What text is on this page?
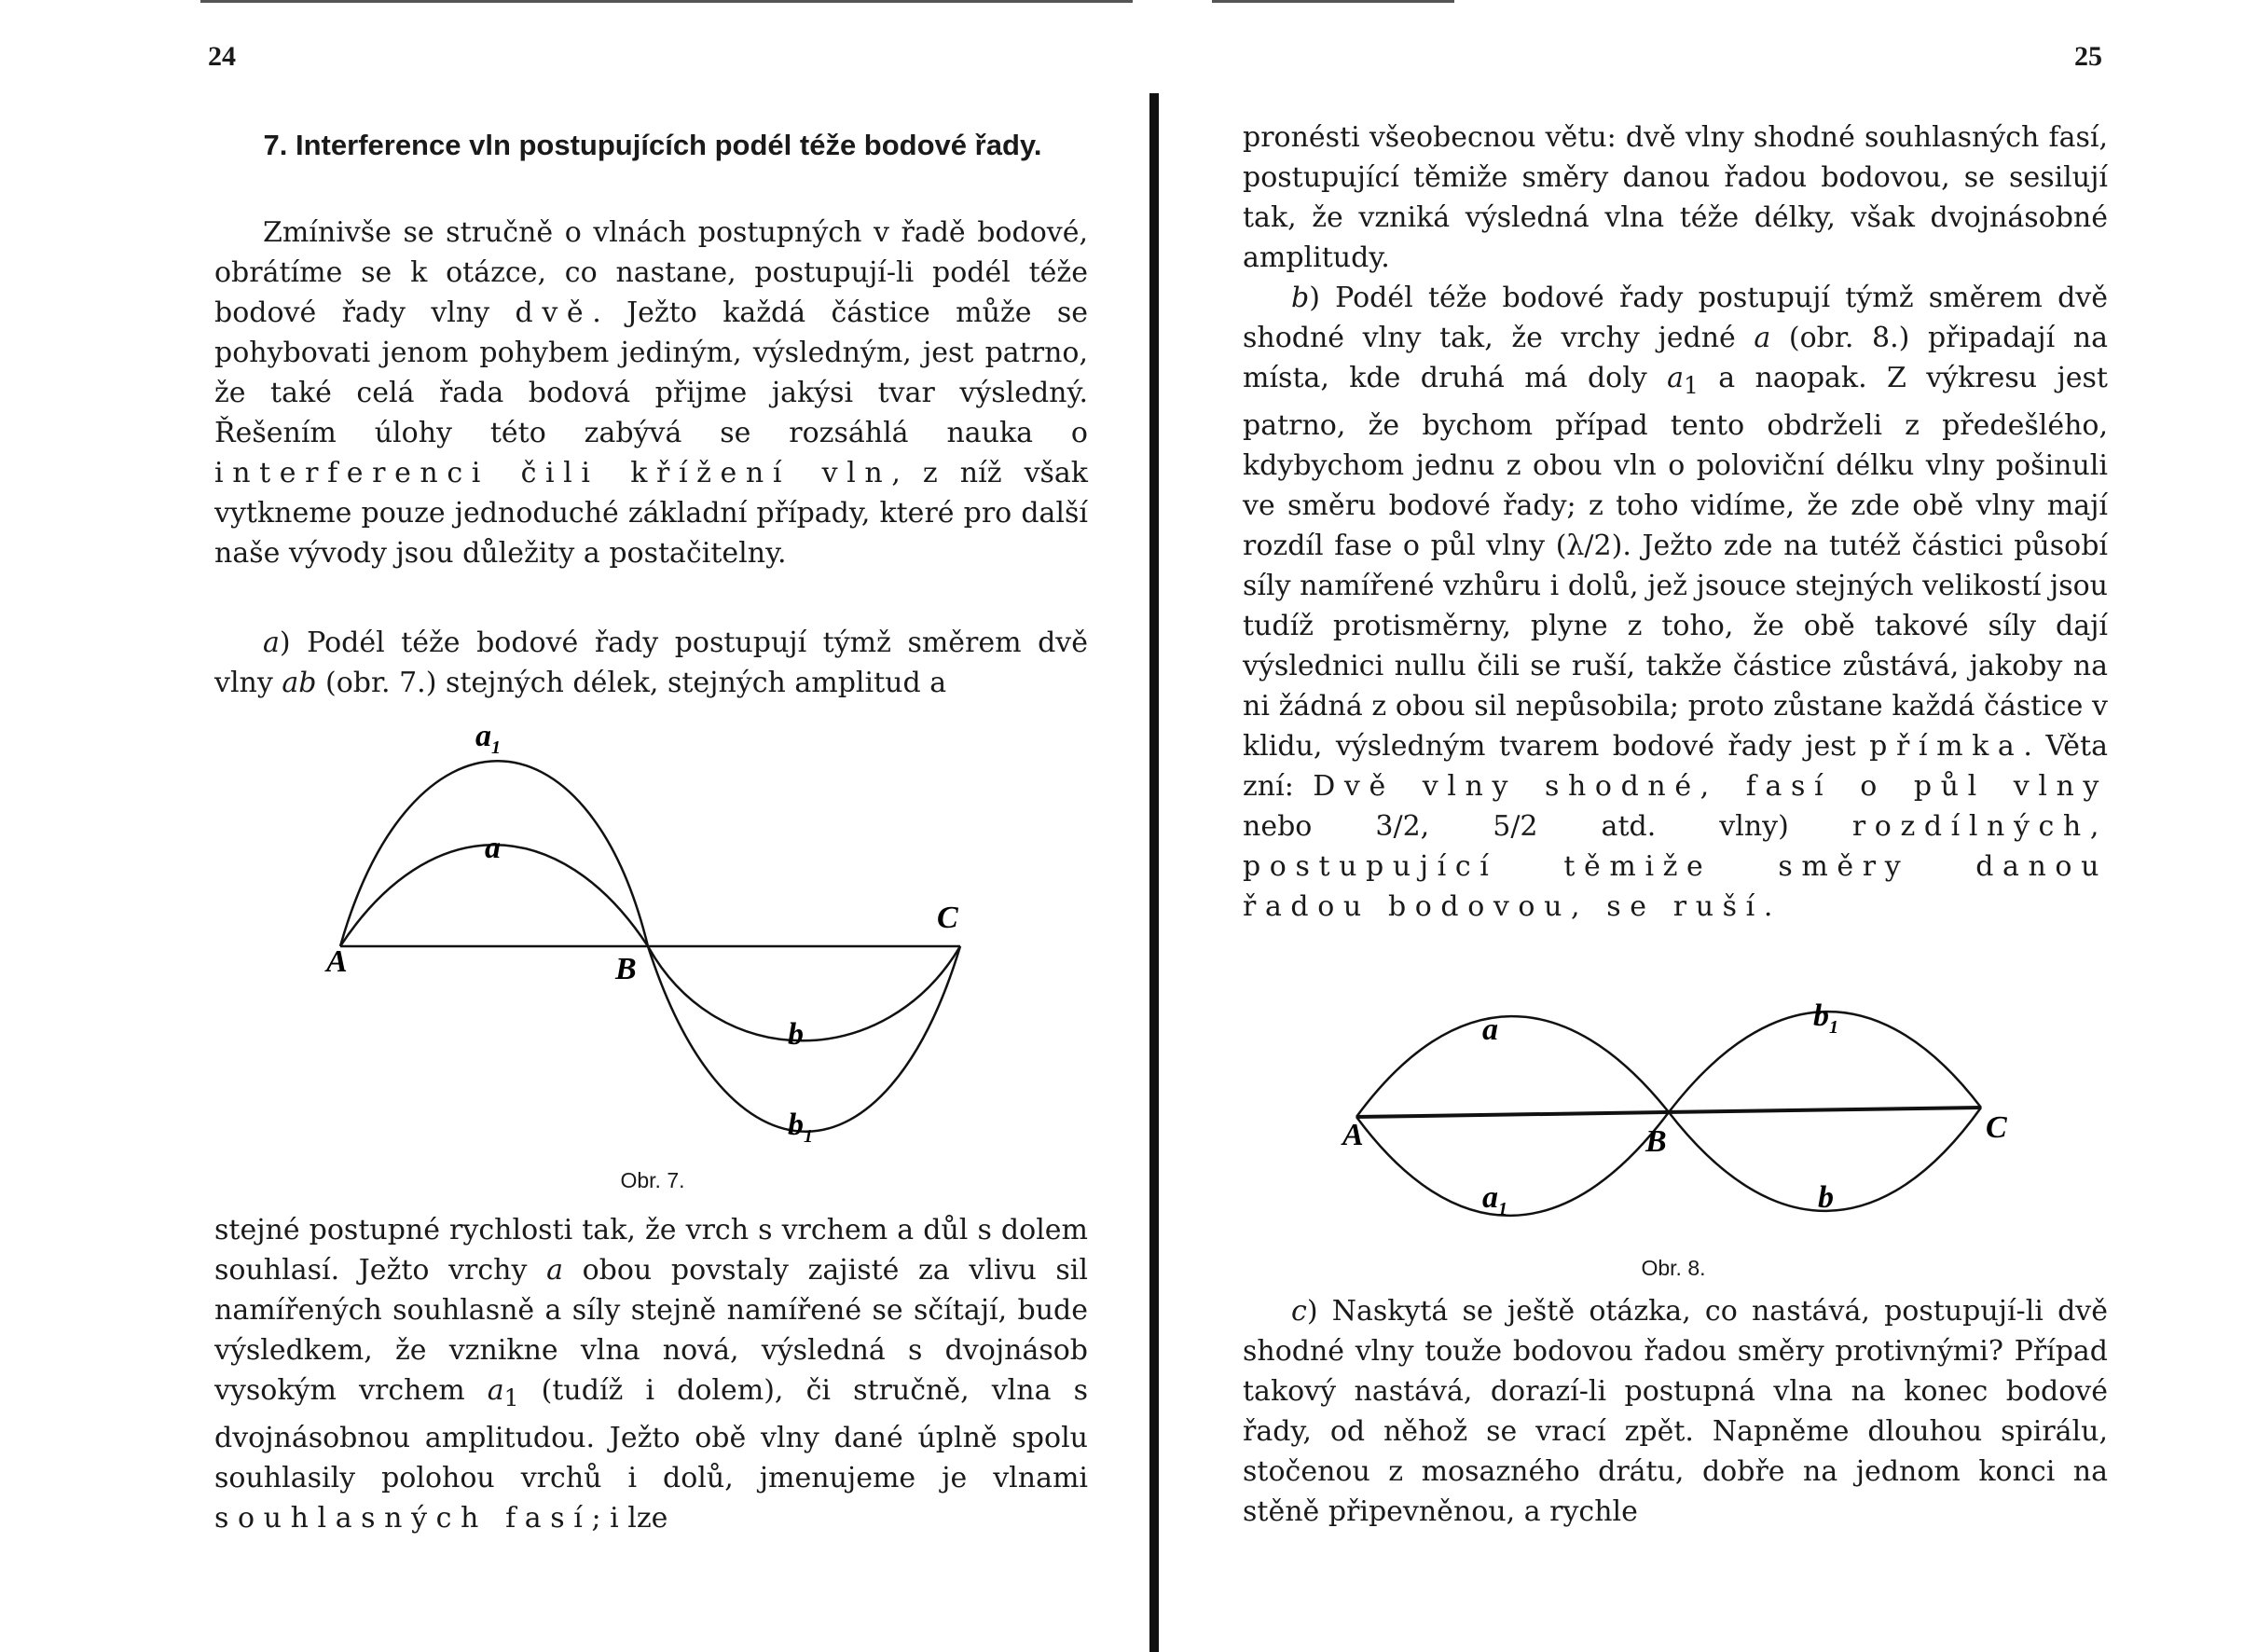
24
7. Interference vln postupujících podél téže bodové řady.

Zmínivše se stručně o vlnách postupných v řadě bodové, obrátíme se k otázce, co nastane, postupují-li podél téže bodové řady vlny dvě. Ježto každá částice může se pohybovati jenom pohybem jediným, výsledným, jest patrno, že také celá řada bodová přijme jakýsi tvar výsledný. Řešením úlohy této zabývá se rozsáhlá nauka o interferenci čili křížení vln, z níž však vytkneme pouze jednoduché základní případy, které pro další naše vývody jsou důležity a postačitelny.

a) Podél téže bodové řady postupují týmž směrem dvě vlny ab (obr. 7.) stejných délek, stejných amplitud a

A	B
C
a
$a_1$
b
$b_1$
Obr. 7.

stejné postupné rychlosti tak, že vrch s vrchem a důl s dolem souhlasí. Ježto vrchy a obou povstaly zajisté za vlivu sil namířených souhlasně a síly stejně namířené se sčítají, bude výsledkem, že vznikne vlna nová, výsledná s dvojnásob vysokým vrchem $a_1$ (tudíž i dolem), či stručně, vlna s dvojnásobnou amplitudou. Ježto obě vlny dané úplně spolu souhlasily polohou vrchů i dolů, jmenujeme je vlnami souhlasných fasí; i lze

25

pronésti všeobecnou větu: dvě vlny shodné souhlasných fasí, postupující těmiže směry danou řadou bodovou, se sesilují tak, že vzniká výsledná vlna téže délky, však dvojnásobné amplitudy.

b) Podél téže bodové řady postupují týmž směrem dvě shodné vlny tak, že vrchy jedné a (obr. 8.) připadají na místa, kde druhá má doly $a_1$ a naopak. Z výkresu jest patrno, že bychom případ tento obdrželi z předešlého, kdybychom jednu z obou vln o poloviční délku vlny pošinuli ve směru bodové řady; z toho vidíme, že zde obě vlny mají rozdíl fase o půl vlny (λ/2). Ježto zde na tutéž částici působí síly namířené vzhůru i dolů, jež jsouce stejných velikostí jsou tudíž protisměrny, plyne z toho, že obě takové síly dají výslednici nullu čili se ruší, takže částice zůstává, jakoby na ni žádná z obou sil nepůsobila; proto zůstane každá částice v klidu, výsledným tvarem bodové řady jest přímka. Věta zní: Dvě vlny shodné, fasí o půl vlny nebo 3/2, 5/2 atd. vlny) rozdílných, postupující těmiže směry danou řadou bodovou, se ruší.

A	B	C
a	$b_1$
$a_1$	b
Obr. 8.

c) Naskytá se ještě otázka, co nastává, postupují-li dvě shodné vlny touže bodovou řadou směry protivnými? Případ takový nastává, dorazí-li postupná vlna na konec bodové řady, od něhož se vrací zpět. Napněme dlouhou spirálu, stočenou z mosazného drátu, dobře na jednom konci na stěně připevněnou, a rychle
